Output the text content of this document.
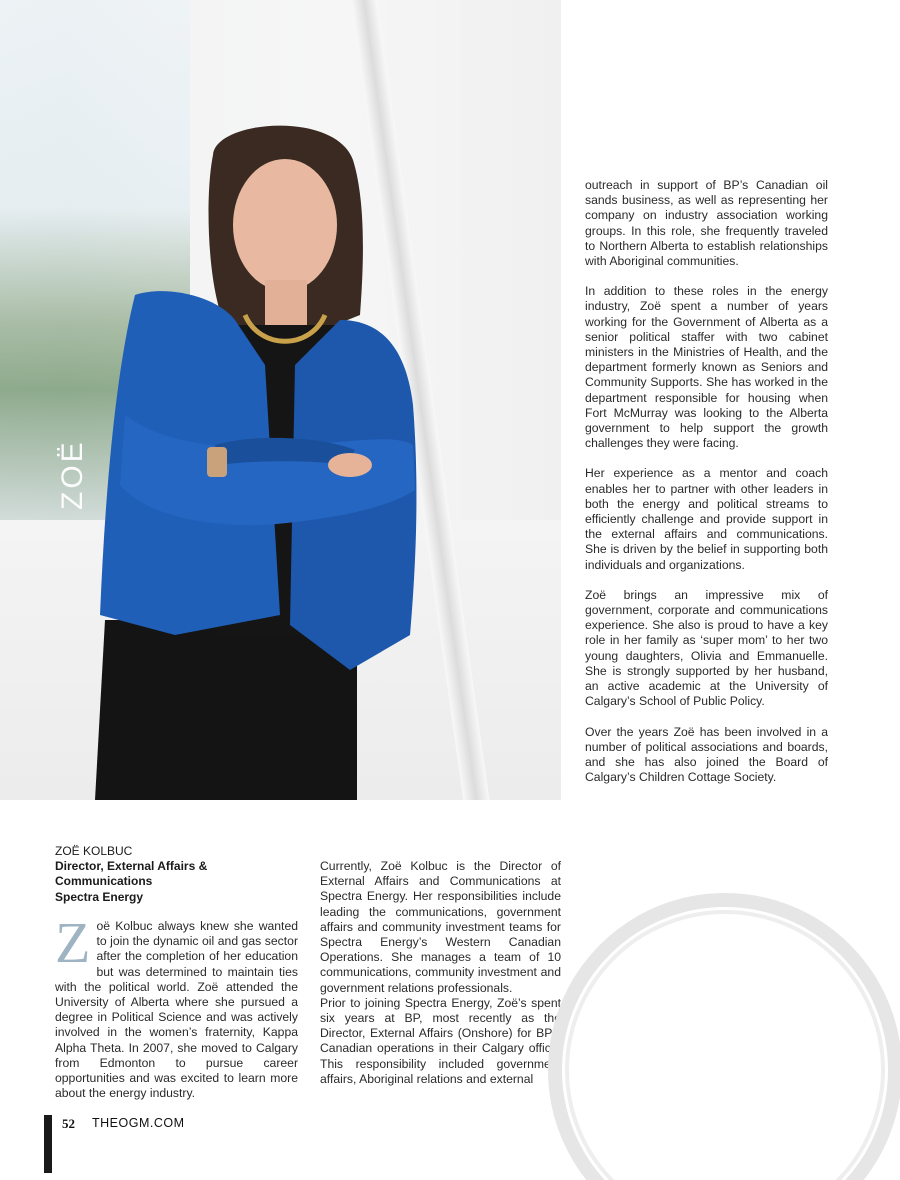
ZOË

outreach in support of BP’s Canadian oil sands business, as well as representing her company on industry association working groups. In this role, she frequently traveled to Northern Alberta to establish relationships with Aboriginal communities.

In addition to these roles in the energy industry, Zoë spent a number of years working for the Government of Alberta as a senior political staffer with two cabinet ministers in the Ministries of Health, and the department formerly known as Seniors and Community Supports. She has worked in the department responsible for housing when Fort McMurray was looking to the Alberta government to help support the growth challenges they were facing.

Her experience as a mentor and coach enables her to partner with other leaders in both the energy and political streams to efficiently challenge and provide support in the external affairs and communications. She is driven by the belief in supporting both individuals and organizations.

Zoë brings an impressive mix of government, corporate and communications experience. She also is proud to have a key role in her family as ‘super mom’ to her two young daughters, Olivia and Emmanuelle. She is strongly supported by her husband, an active academic at the University of Calgary’s School of Public Policy.

Over the years Zoë has been involved in a number of political associations and boards, and she has also joined the Board of Calgary’s Children Cottage Society.

ZOË KOLBUC
Director, External Affairs &
Communications
Spectra Energy
Z oë Kolbuc always knew she wanted to join the dynamic oil and gas sector after the completion of her education but was determined to maintain ties with the political world. Zoë attended the University of Alberta where she pursued a degree in Political Science and was actively involved in the women’s fraternity, Kappa Alpha Theta. In 2007, she moved to Calgary from Edmonton to pursue career opportunities and was excited to learn more about the energy industry.

Currently, Zoë Kolbuc is the Director of External Affairs and Communications at Spectra Energy. Her responsibilities include leading the communications, government affairs and community investment teams for Spectra Energy’s Western Canadian Operations. She manages a team of 10 communications, community investment and government relations professionals.

Prior to joining Spectra Energy, Zoë’s spent six years at BP, most recently as the Director, External Affairs (Onshore) for BP’s Canadian operations in their Calgary office. This responsibility included government affairs, Aboriginal relations and external

52 THEOGM.COM
